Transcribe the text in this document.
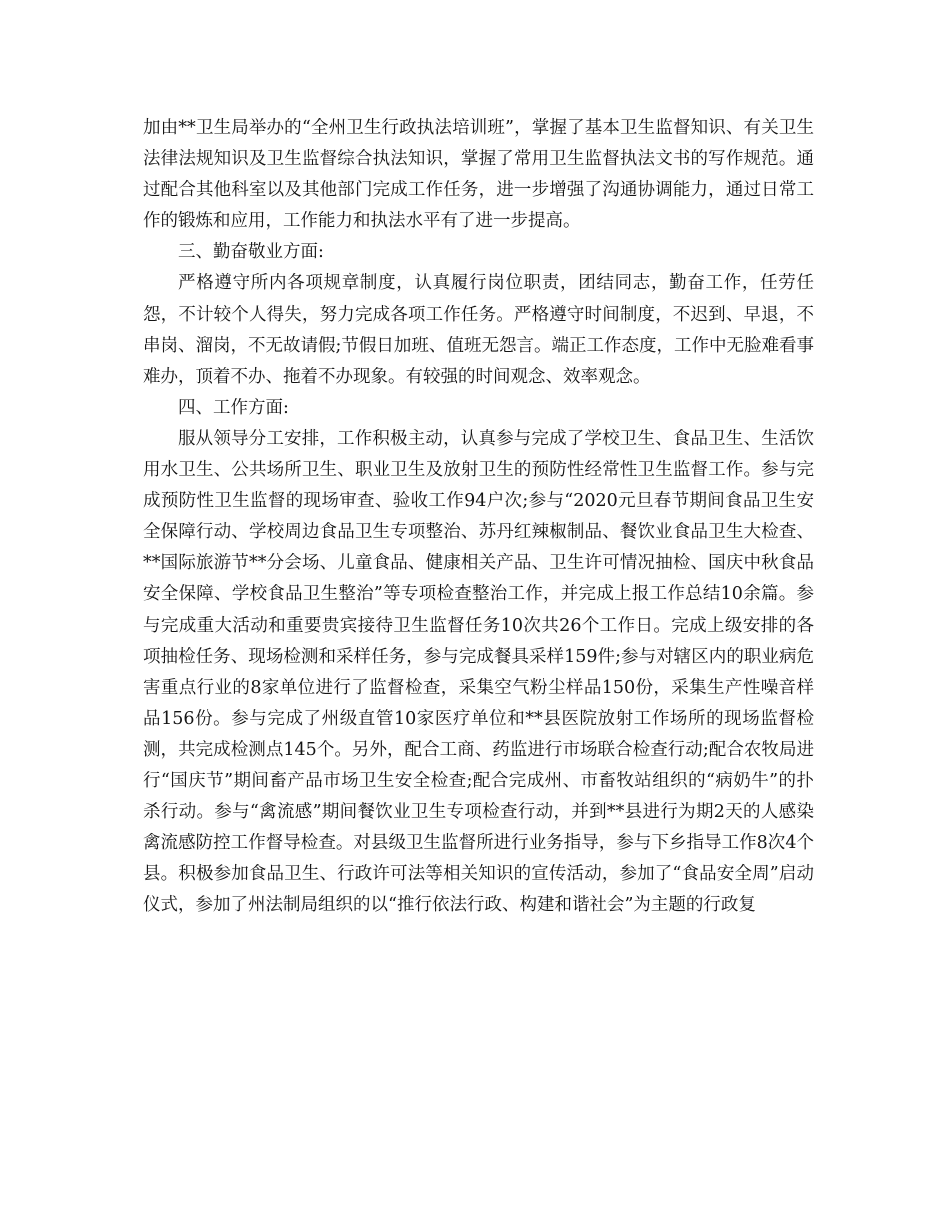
加由**卫生局举办的“全州卫生行政执法培训班”，掌握了基本卫生监督知识、有关卫生法律法规知识及卫生监督综合执法知识，掌握了常用卫生监督执法文书的写作规范。通过配合其他科室以及其他部门完成工作任务，进一步增强了沟通协调能力，通过日常工作的锻炼和应用，工作能力和执法水平有了进一步提高。

三、勤奋敬业方面:

严格遵守所内各项规章制度，认真履行岗位职责，团结同志，勤奋工作，任劳任怨，不计较个人得失，努力完成各项工作任务。严格遵守时间制度，不迟到、早退，不串岗、溜岗，不无故请假;节假日加班、值班无怨言。端正工作态度，工作中无脸难看事难办，顶着不办、拖着不办现象。有较强的时间观念、效率观念。

四、工作方面:

服从领导分工安排，工作积极主动，认真参与完成了学校卫生、食品卫生、生活饮用水卫生、公共场所卫生、职业卫生及放射卫生的预防性经常性卫生监督工作。参与完成预防性卫生监督的现场审查、验收工作94户次;参与“2020元旦春节期间食品卫生安全保障行动、学校周边食品卫生专项整治、苏丹红辣椒制品、餐饮业食品卫生大检查、**国际旅游节**分会场、儿童食品、健康相关产品、卫生许可情况抽检、国庆中秋食品安全保障、学校食品卫生整治”等专项检查整治工作，并完成上报工作总结10余篇。参与完成重大活动和重要贵宾接待卫生监督任务10次共26个工作日。完成上级安排的各项抽检任务、现场检测和采样任务，参与完成餐具采样159件;参与对辖区内的职业病危害重点行业的8家单位进行了监督检查，采集空气粉尘样品150份，采集生产性噪音样品156份。参与完成了州级直管10家医疗单位和**县医院放射工作场所的现场监督检测，共完成检测点145个。另外，配合工商、药监进行市场联合检查行动;配合农牧局进行“国庆节”期间畜产品市场卫生安全检查;配合完成州、市畜牧站组织的“病奶牛”的扑杀行动。参与“禽流感”期间餐饮业卫生专项检查行动，并到**县进行为期2天的人感染禽流感防控工作督导检查。对县级卫生监督所进行业务指导，参与下乡指导工作8次4个县。积极参加食品卫生、行政许可法等相关知识的宣传活动，参加了“食品安全周”启动仪式，参加了州法制局组织的以“推行依法行政、构建和谐社会”为主题的行政复
